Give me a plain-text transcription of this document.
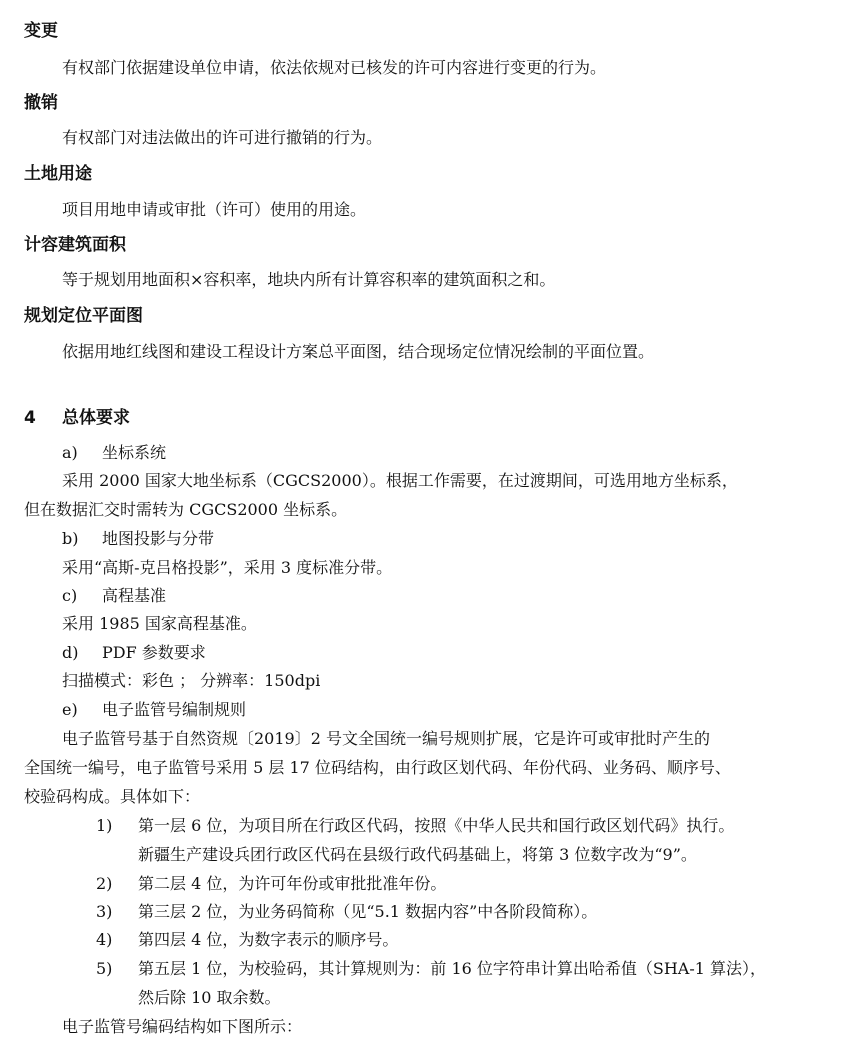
变更
有权部门依据建设单位申请，依法依规对已核发的许可内容进行变更的行为。
撤销
有权部门对违法做出的许可进行撤销的行为。
土地用途
项目用地申请或审批（许可）使用的用途。
计容建筑面积
等于规划用地面积×容积率，地块内所有计算容积率的建筑面积之和。
规划定位平面图
依据用地红线图和建设工程设计方案总平面图，结合现场定位情况绘制的平面位置。
4 总体要求
a) 坐标系统
采用 2000 国家大地坐标系（CGCS2000）。根据工作需要，在过渡期间，可选用地方坐标系，
但在数据汇交时需转为 CGCS2000 坐标系。
b) 地图投影与分带
采用“高斯-克吕格投影”，采用 3 度标准分带。
c) 高程基准
采用 1985 国家高程基准。
d) PDF 参数要求
扫描模式：彩色 ； 分辨率：150dpi
e) 电子监管号编制规则
电子监管号基于自然资规〔2019〕2 号文全国统一编号规则扩展，它是许可或审批时产生的
全国统一编号，电子监管号采用 5 层 17 位码结构，由行政区划代码、年份代码、业务码、顺序号、
校验码构成。具体如下：
1) 第一层 6 位，为项目所在行政区代码，按照《中华人民共和国行政区划代码》执行。
新疆生产建设兵团行政区代码在县级行政代码基础上，将第 3 位数字改为“9”。
2) 第二层 4 位，为许可年份或审批批准年份。
3) 第三层 2 位，为业务码简称（见“5.1 数据内容”中各阶段简称）。
4) 第四层 4 位，为数字表示的顺序号。
5) 第五层 1 位，为校验码，其计算规则为：前 16 位字符串计算出哈希值（SHA-1 算法），
然后除 10 取余数。
电子监管号编码结构如下图所示：
